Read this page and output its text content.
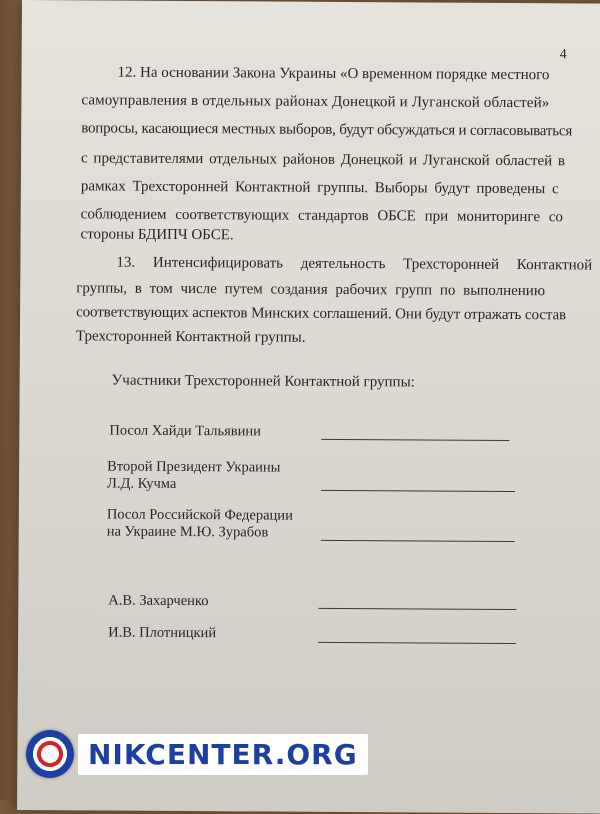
4
12. На основании Закона Украины «О временном порядке местного
самоуправления в отдельных районах Донецкой и Луганской областей»
вопросы, касающиеся местных выборов, будут обсуждаться и согласовываться
с представителями отдельных районов Донецкой и Луганской областей в
рамках Трехсторонней Контактной группы. Выборы будут проведены с
соблюдением соответствующих стандартов ОБСЕ при мониторинге со
стороны БДИПЧ ОБСЕ.
13. Интенсифицировать деятельность Трехсторонней Контактной
группы, в том числе путем создания рабочих групп по выполнению
соответствующих аспектов Минских соглашений. Они будут отражать состав
Трехсторонней Контактной группы.
Участники Трехсторонней Контактной группы:
Посол Хайди Тальявини
Второй Президент Украины
Л.Д. Кучма
Посол Российской Федерации
на Украине М.Ю. Зурабов
А.В. Захарченко
И.В. Плотницкий
NIKCENTER.ORG
